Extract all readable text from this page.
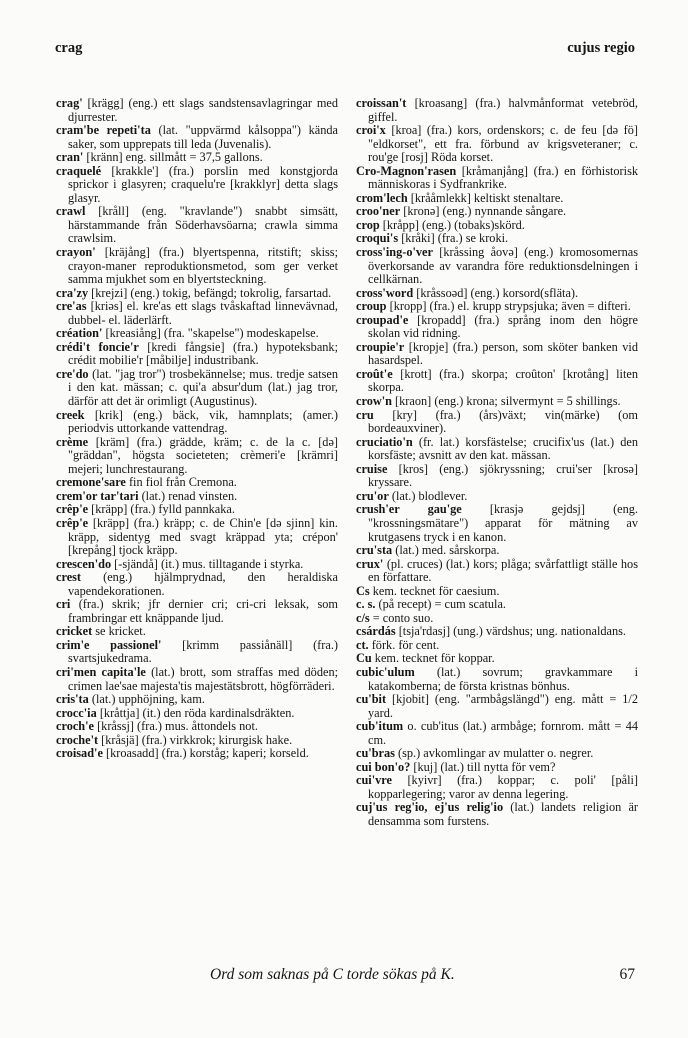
crag	cujus regio

crag' [krägg] (eng.) ett slags sandstensavlagringar med djurrester.

cram'be repeti'ta (lat. "uppvärmd kålsoppa") kända saker, som upprepats till leda (Juvenalis).

cran' [kränn] eng. sillmått = 37,5 gallons.

craquelé [krakkle'] (fra.) porslin med konstgjorda sprickor i glasyren; craquelu're [krakklyr] detta slags glasyr.

crawl [kråll] (eng. "kravlande") snabbt simsätt, härstammande från Söderhavsöarna; crawla simma crawlsim.

crayon' [kräjång] (fra.) blyertspenna, ritstift; skiss; crayon-maner reproduktionsmetod, som ger verket samma mjukhet som en blyertsteckning.

cra'zy [krejzi] (eng.) tokig, befängd; tokrolig, farsartad.

cre'as [kriəs] el. kre'as ett slags tvåskaftad linnevävnad, dubbel- el. läderlärft.

création' [kreasiång] (fra. "skapelse") modeskapelse.

crédi't foncie'r [kredi fångsie] (fra.) hypoteksbank; crédit mobilie'r [måbilje] industribank.

cre'do (lat. "jag tror") trosbekännelse; mus. tredje satsen i den kat. mässan; c. qui'a absur'dum (lat.) jag tror, därför att det är orimligt (Augustinus).

creek [krik] (eng.) bäck, vik, hamnplats; (amer.) periodvis uttorkande vattendrag.

crème [kräm] (fra.) grädde, kräm; c. de la c. [də] "gräddan", högsta societeten; crèmeri'e [krämri] mejeri; lunchrestaurang.

cremone'sare fin fiol från Cremona.

crem'or tar'tari (lat.) renad vinsten.

crêp'e [kräpp] (fra.) fylld pannkaka.

crêp'e [kräpp] (fra.) kräpp; c. de Chin'e [də sjinn] kin. kräpp, sidentyg med svagt kräppad yta; crépon' [krepång] tjock kräpp.

crescen'do [-sjändå] (it.) mus. tilltagande i styrka.

crest (eng.) hjälmprydnad, den heraldiska vapendekorationen.

cri (fra.) skrik; jfr dernier cri; cri-cri leksak, som frambringar ett knäppande ljud.

cricket se kricket.

crim'e passionel' [krimm passiånäll] (fra.) svartsjukedrama.

cri'men capita'le (lat.) brott, som straffas med döden; crimen lae'sae majesta'tis majestätsbrott, högförräderi.

cris'ta (lat.) upphöjning, kam.

crocc'ia [kråttja] (it.) den röda kardinalsdräkten.

croch'e [kråssj] (fra.) mus. åttondels not.

croche't [kråsjä] (fra.) virkkrok; kirurgisk hake.

croisad'e [kroasadd] (fra.) korståg; kaperi; korseld.

croissan't [kroasang] (fra.) halvmånformat vetebröd, giffel.

croi'x [kroa] (fra.) kors, ordenskors; c. de feu [də fö] "eldkorset", ett fra. förbund av krigsveteraner; c. rou'ge [rosj] Röda korset.

Cro-Magnon'rasen [kråmanjång] (fra.) en förhistorisk människoras i Sydfrankrike.

crom'lech [krååmlekk] keltiskt stenaltare.

croo'ner [kronə] (eng.) nynnande sångare.

crop [kråpp] (eng.) (tobaks)skörd.

croqui's [kråki] (fra.) se kroki.

cross'ing-o'ver [kråssing åovə] (eng.) kromosomernas överkorsande av varandra före reduktionsdelningen i cellkärnan.

cross'word [kråssoəd] (eng.) korsord(sfläta).

croup [kropp] (fra.) el. krupp strypsjuka; även = difteri.

croupad'e [kropadd] (fra.) språng inom den högre skolan vid ridning.

croupie'r [kropje] (fra.) person, som sköter banken vid hasardspel.

croût'e [krott] (fra.) skorpa; croûton' [krotång] liten skorpa.

crow'n [kraon] (eng.) krona; silvermynt = 5 shillings.

cru [kry] (fra.) (års)växt; vin(märke) (om bordeauxviner).

cruciatio'n (fr. lat.) korsfästelse; crucifix'us (lat.) den korsfäste; avsnitt av den kat. mässan.

cruise [kros] (eng.) sjökryssning; crui'ser [krosə] kryssare.

cru'or (lat.) blodlever.

crush'er gau'ge [krasjə gejdsj] (eng. "krossningsmätare") apparat för mätning av krutgasens tryck i en kanon.

cru'sta (lat.) med. sårskorpa.

crux' (pl. cruces) (lat.) kors; plåga; svårfattligt ställe hos en författare.

Cs kem. tecknet för caesium.

c. s. (på recept) = cum scatula.

c/s = conto suo.

csárdás [tsja'rdasj] (ung.) värdshus; ung. nationaldans.

ct. förk. för cent.

Cu kem. tecknet för koppar.

cubic'ulum (lat.) sovrum; gravkammare i katakomberna; de första kristnas bönhus.

cu'bit [kjobit] (eng. "armbågslängd") eng. mått = 1/2 yard.

cub'itum o. cub'itus (lat.) armbåge; fornrom. mått = 44 cm.

cu'bras (sp.) avkomlingar av mulatter o. negrer.

cui bon'o? [kuj] (lat.) till nytta för vem?

cui'vre [kyivr] (fra.) koppar; c. poli' [påli] kopparlegering; varor av denna legering.

cuj'us reg'io, ej'us relig'io (lat.) landets religion är densamma som furstens.

Ord som saknas på C torde sökas på K.	67
